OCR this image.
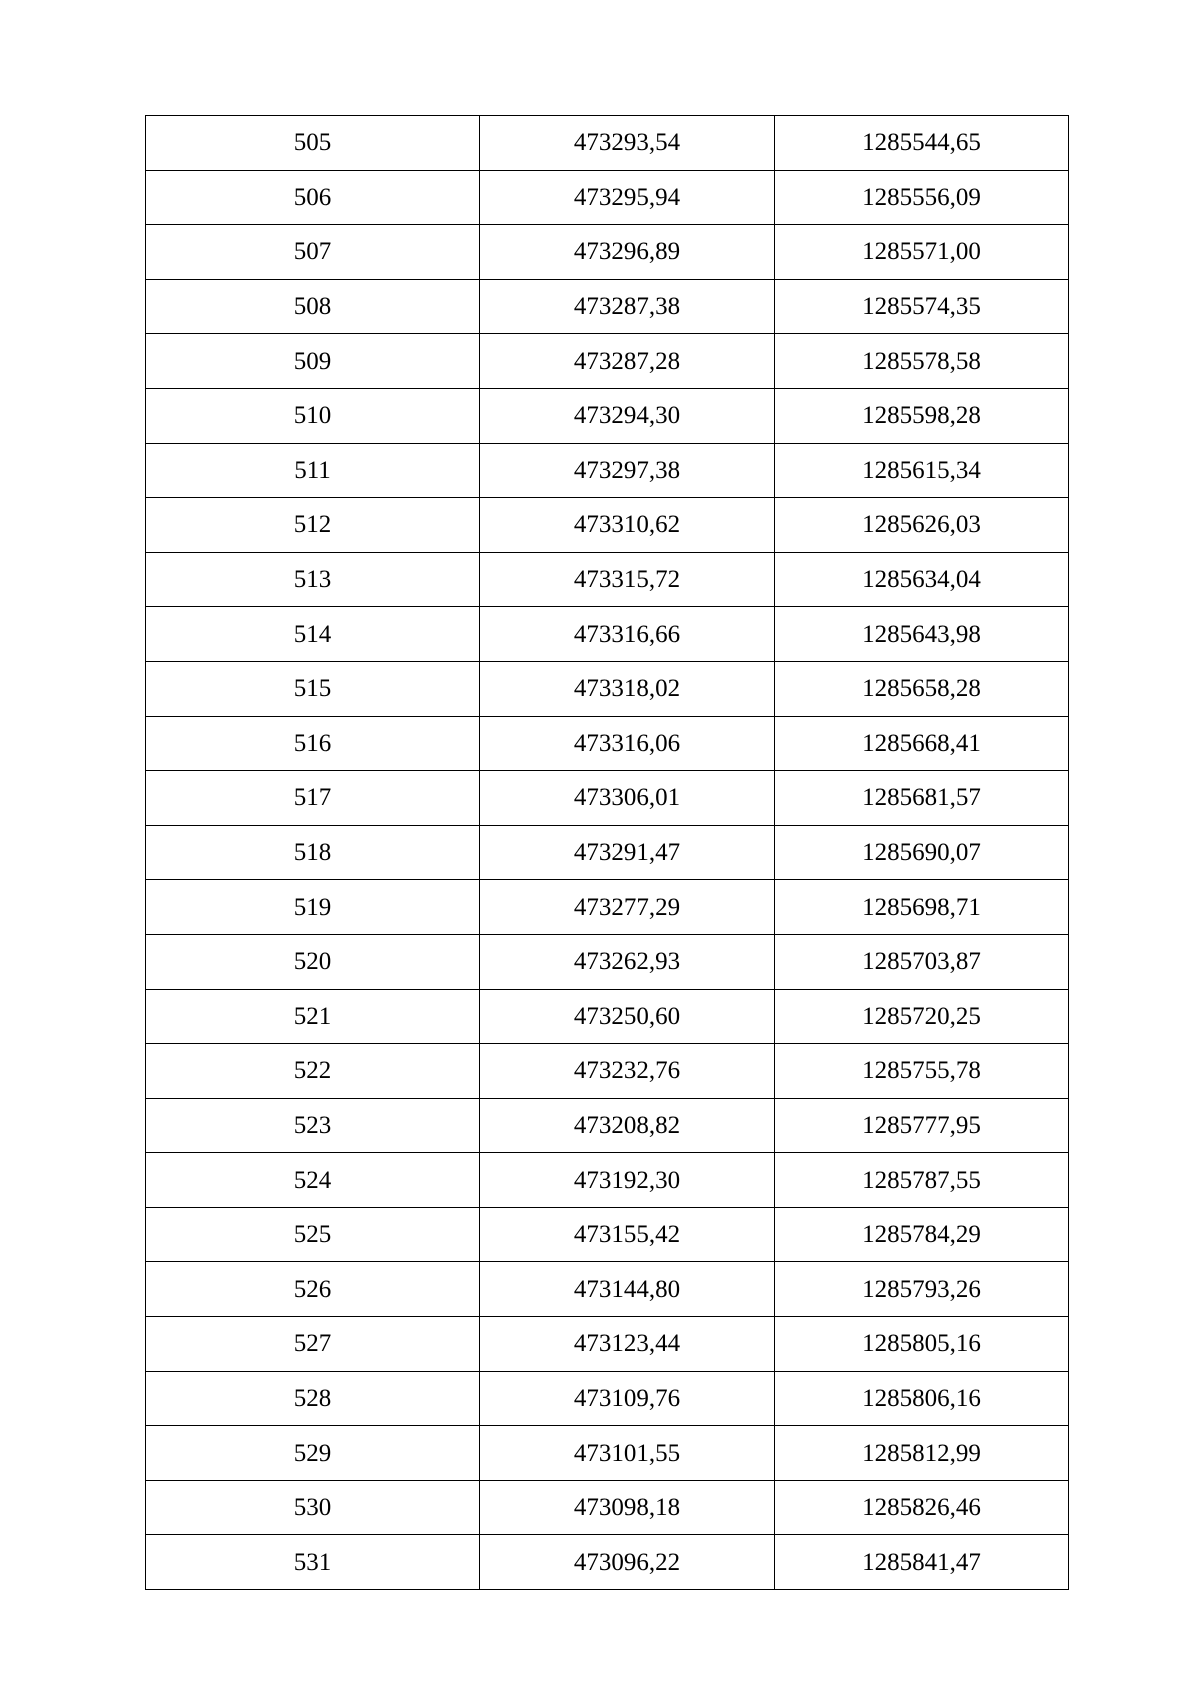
505	473293,54	1285544,65
506	473295,94	1285556,09
507	473296,89	1285571,00
508	473287,38	1285574,35
509	473287,28	1285578,58
510	473294,30	1285598,28
511	473297,38	1285615,34
512	473310,62	1285626,03
513	473315,72	1285634,04
514	473316,66	1285643,98
515	473318,02	1285658,28
516	473316,06	1285668,41
517	473306,01	1285681,57
518	473291,47	1285690,07
519	473277,29	1285698,71
520	473262,93	1285703,87
521	473250,60	1285720,25
522	473232,76	1285755,78
523	473208,82	1285777,95
524	473192,30	1285787,55
525	473155,42	1285784,29
526	473144,80	1285793,26
527	473123,44	1285805,16
528	473109,76	1285806,16
529	473101,55	1285812,99
530	473098,18	1285826,46
531	473096,22	1285841,47
